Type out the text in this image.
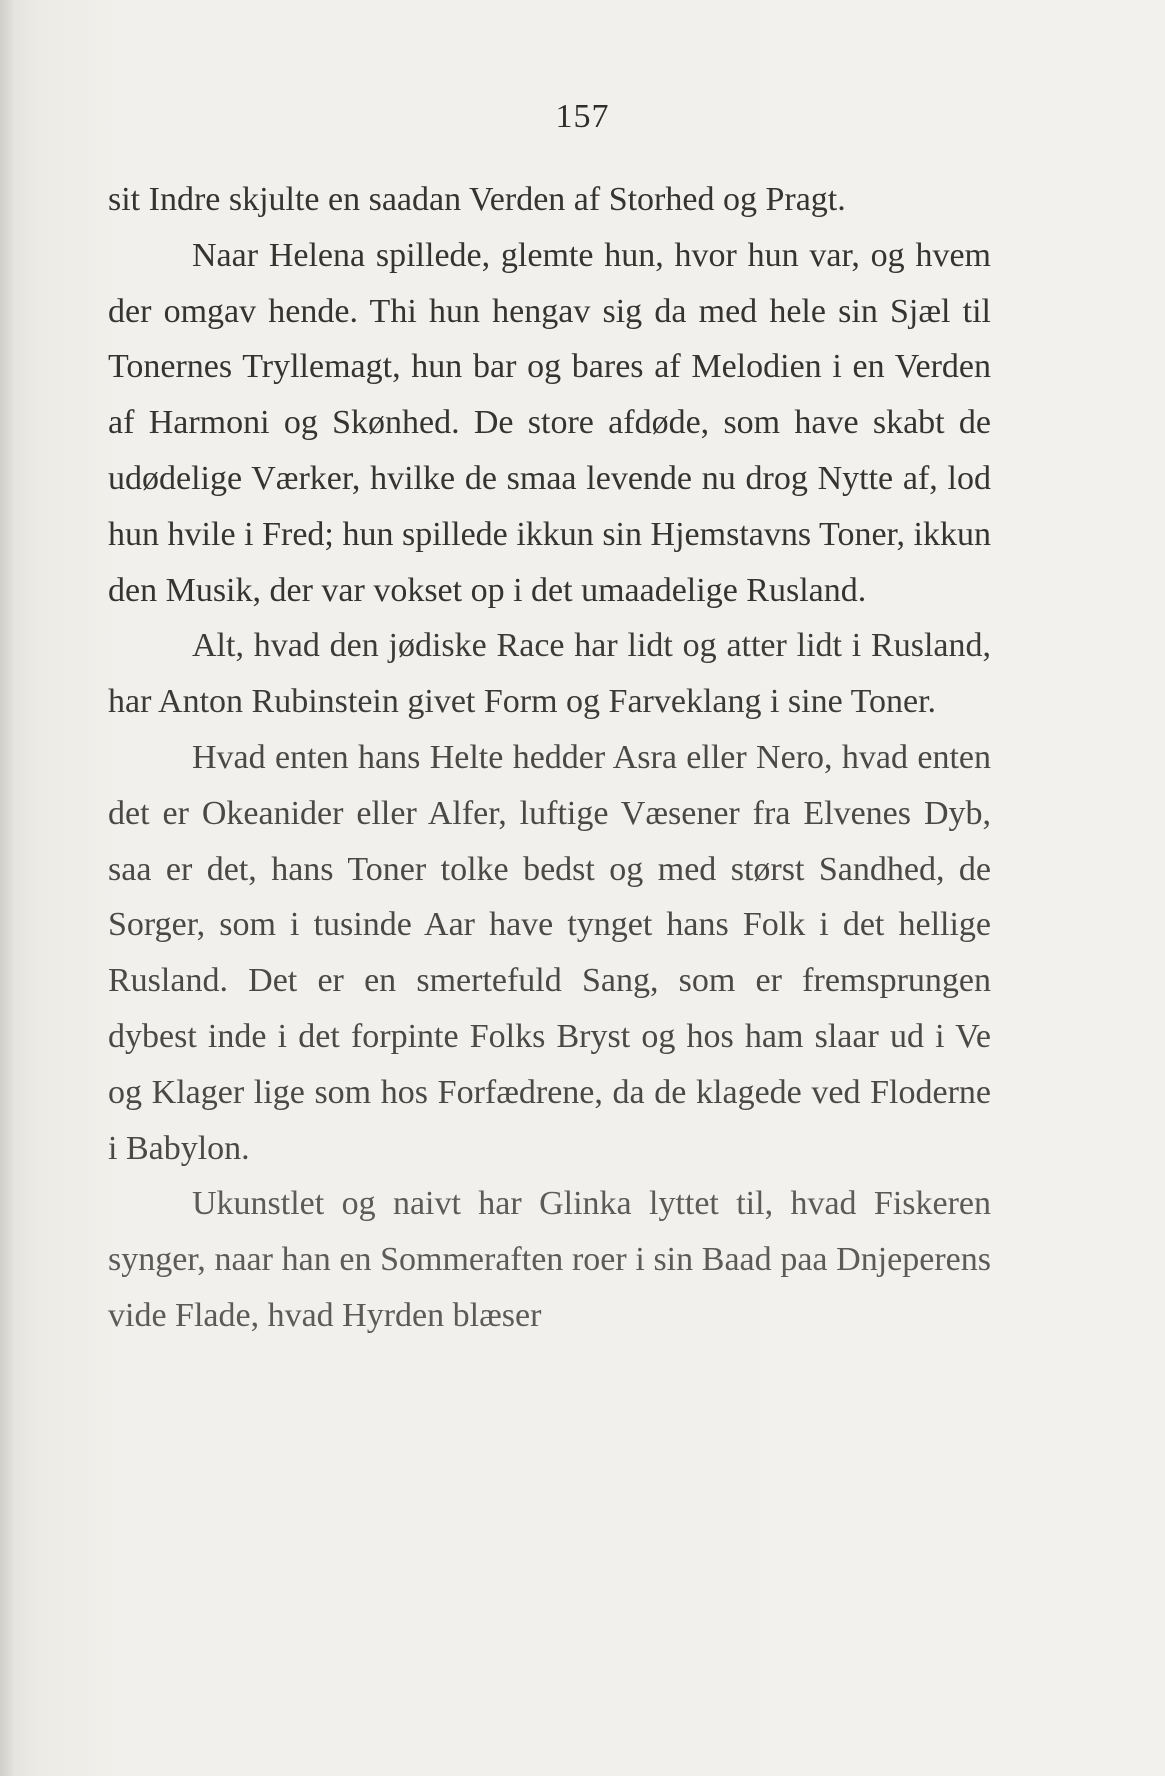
157

sit Indre skjulte en saadan Verden af Storhed og Pragt.

Naar Helena spillede, glemte hun, hvor hun var, og hvem der omgav hende. Thi hun hengav sig da med hele sin Sjæl til Tonernes Tryllemagt, hun bar og bares af Melodien i en Verden af Harmoni og Skønhed. De store afdøde, som have skabt de udødelige Værker, hvilke de smaa levende nu drog Nytte af, lod hun hvile i Fred; hun spillede ikkun sin Hjemstavns Toner, ikkun den Musik, der var vokset op i det umaadelige Rusland.

Alt, hvad den jødiske Race har lidt og atter lidt i Rusland, har Anton Rubinstein givet Form og Farveklang i sine Toner.

Hvad enten hans Helte hedder Asra eller Nero, hvad enten det er Okeanider eller Alfer, luftige Væsener fra Elvenes Dyb, saa er det, hans Toner tolke bedst og med størst Sandhed, de Sorger, som i tusinde Aar have tynget hans Folk i det hellige Rusland. Det er en smertefuld Sang, som er fremsprungen dybest inde i det forpinte Folks Bryst og hos ham slaar ud i Ve og Klager lige som hos Forfædrene, da de klagede ved Floderne i Babylon.

Ukunstlet og naivt har Glinka lyttet til, hvad Fiskeren synger, naar han en Sommeraften roer i sin Baad paa Dnjeperens vide Flade, hvad Hyrden blæser
